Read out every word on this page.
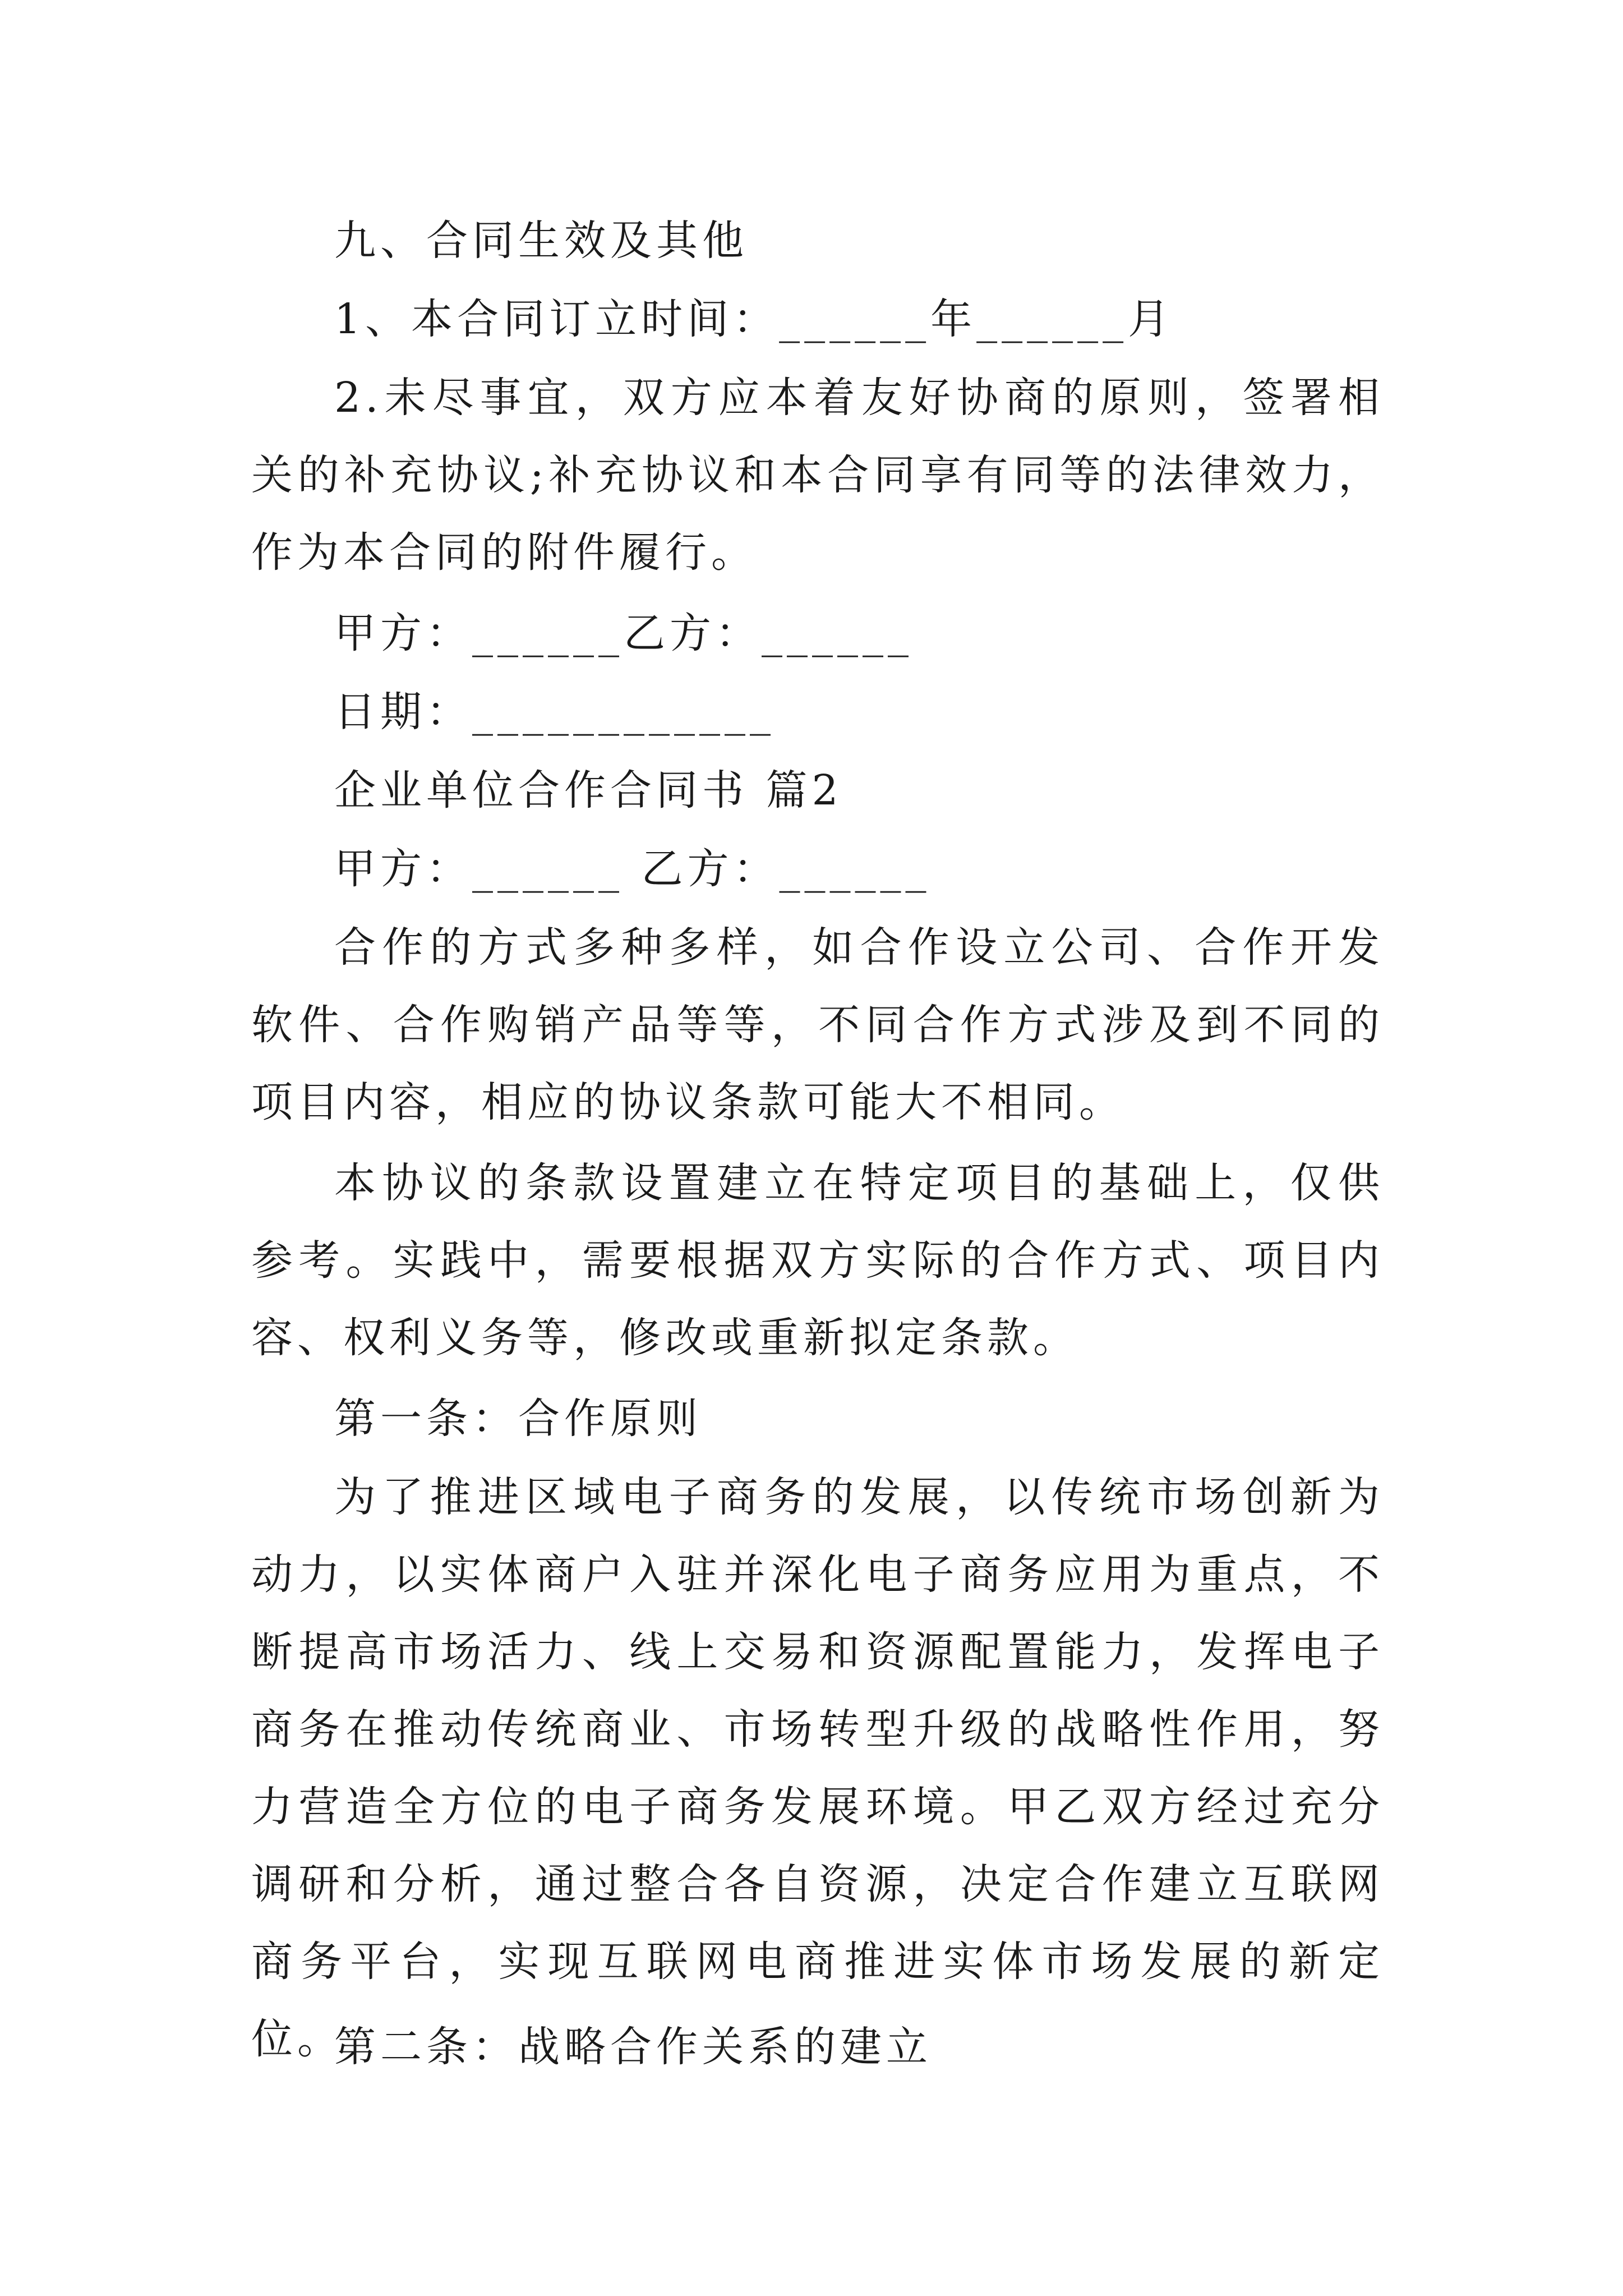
九、合同生效及其他

1、本合同订立时间：______年______月

2.未尽事宜，双方应本着友好协商的原则，签署相关的补充协议;补充协议和本合同享有同等的法律效力，作为本合同的附件履行。

甲方：______乙方：______

日期：____________

企业单位合作合同书 篇2

甲方：______ 乙方：______

合作的方式多种多样，如合作设立公司、合作开发软件、合作购销产品等等，不同合作方式涉及到不同的项目内容，相应的协议条款可能大不相同。

本协议的条款设置建立在特定项目的基础上，仅供参考。实践中，需要根据双方实际的合作方式、项目内容、权利义务等，修改或重新拟定条款。

第一条：合作原则

为了推进区域电子商务的发展，以传统市场创新为动力，以实体商户入驻并深化电子商务应用为重点，不断提高市场活力、线上交易和资源配置能力，发挥电子商务在推动传统商业、市场转型升级的战略性作用，努力营造全方位的电子商务发展环境。甲乙双方经过充分调研和分析，通过整合各自资源，决定合作建立互联网商务平台，实现互联网电商推进实体市场发展的新定位。

第二条：战略合作关系的建立
